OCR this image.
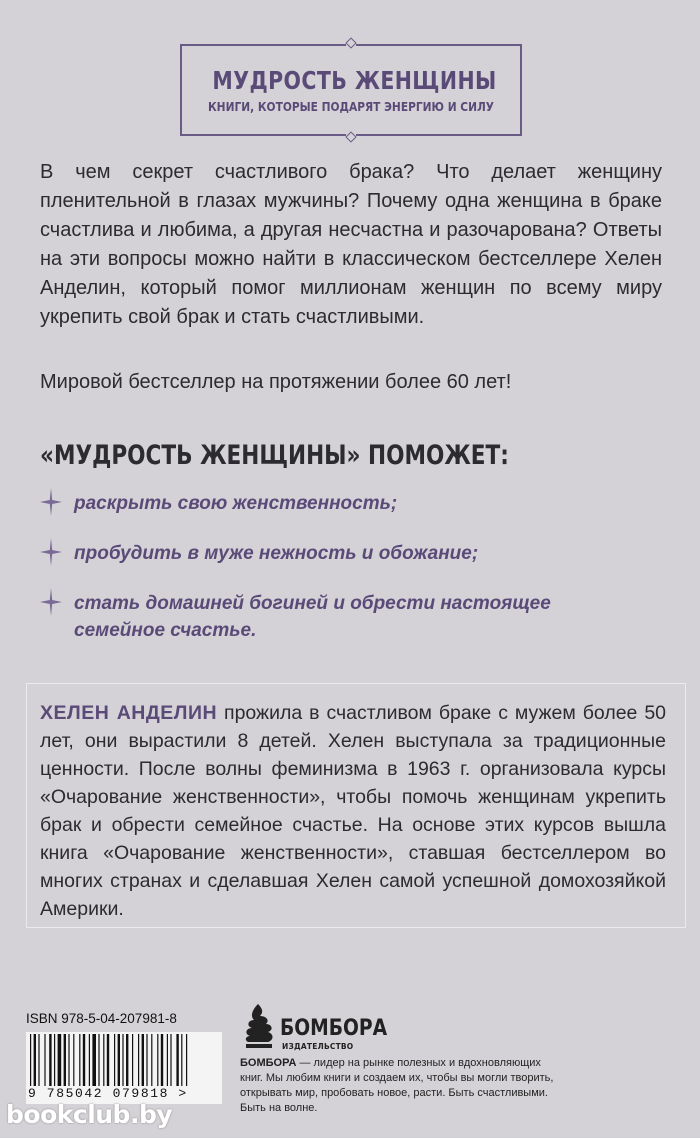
МУДРОСТЬ ЖЕНЩИНЫ
КНИГИ, КОТОРЫЕ ПОДАРЯТ ЭНЕРГИЮ И СИЛУ

В чем секрет счастливого брака? Что делает женщину пленительной в глазах мужчины? Почему одна женщина в браке счастлива и любима, а другая несчастна и разочарована? Ответы на эти вопросы можно найти в классическом бестселлере Хелен Анделин, который помог миллионам женщин по всему миру укрепить свой брак и стать счастливыми.

Мировой бестселлер на протяжении более 60 лет!

«МУДРОСТЬ ЖЕНЩИНЫ» ПОМОЖЕТ:
раскрыть свою женственность;
пробудить в муже нежность и обожание;
стать домашней богиней и обрести настоящее семейное счастье.

ХЕЛЕН АНДЕЛИН прожила в счастливом браке с мужем более 50 лет, они вырастили 8 детей. Хелен выступала за традиционные ценности. После волны феминизма в 1963 г. организовала курсы «Очарование женственности», чтобы помочь женщинам укрепить брак и обрести семейное счастье. На основе этих курсов вышла книга «Очарование женственности», ставшая бестселлером во многих странах и сделавшая Хелен самой успешной домохозяйкой Америки.

ISBN 978-5-04-207981-8
9 785042 079818 >
bookclub.by
БОМБОРА
ИЗДАТЕЛЬСТВО

БОМБОРА — лидер на рынке полезных и вдохновляющих книг. Мы любим книги и создаем их, чтобы вы могли творить, открывать мир, пробовать новое, расти. Быть счастливыми. Быть на волне.
